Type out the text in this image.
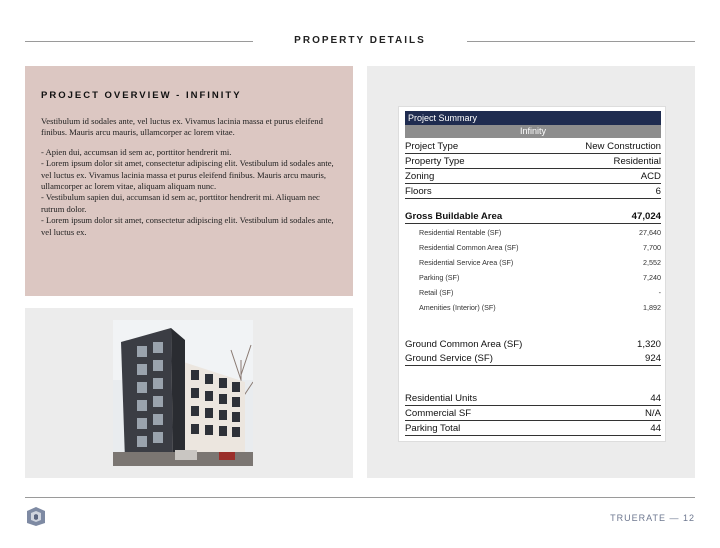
PROPERTY DETAILS
PROJECT OVERVIEW - INFINITY

Vestibulum id sodales ante, vel luctus ex. Vivamus lacinia massa et purus eleifend finibus. Mauris arcu mauris, ullamcorper ac lorem vitae.

- Apien dui, accumsan id sem ac, porttitor hendrerit mi.

- Lorem ipsum dolor sit amet, consectetur adipiscing elit. Vestibulum id sodales ante, vel luctus ex. Vivamus lacinia massa et purus eleifend finibus. Mauris arcu mauris, ullamcorper ac lorem vitae, aliquam aliquam nunc.

- Vestibulum sapien dui, accumsan id sem ac, porttitor hendrerit mi. Aliquam nec rutrum dolor.

- Lorem ipsum dolor sit amet, consectetur adipiscing elit. Vestibulum id sodales ante, vel luctus ex.

Project Summary
Infinity
Project Type	New Construction
Property Type	Residential
Zoning	ACD
Floors	6
Gross Buildable Area	47,024
Residential Rentable (SF)	27,640
Residential Common Area (SF)	7,700
Residential Service Area (SF)	2,552
Parking (SF)	7,240
Retail (SF)	-
Amenities (Interior) (SF)	1,892
Ground Common Area (SF)	1,320
Ground Service (SF)	924
Residential Units	44
Commercial SF	N/A
Parking Total	44
TRUERATE — 12
